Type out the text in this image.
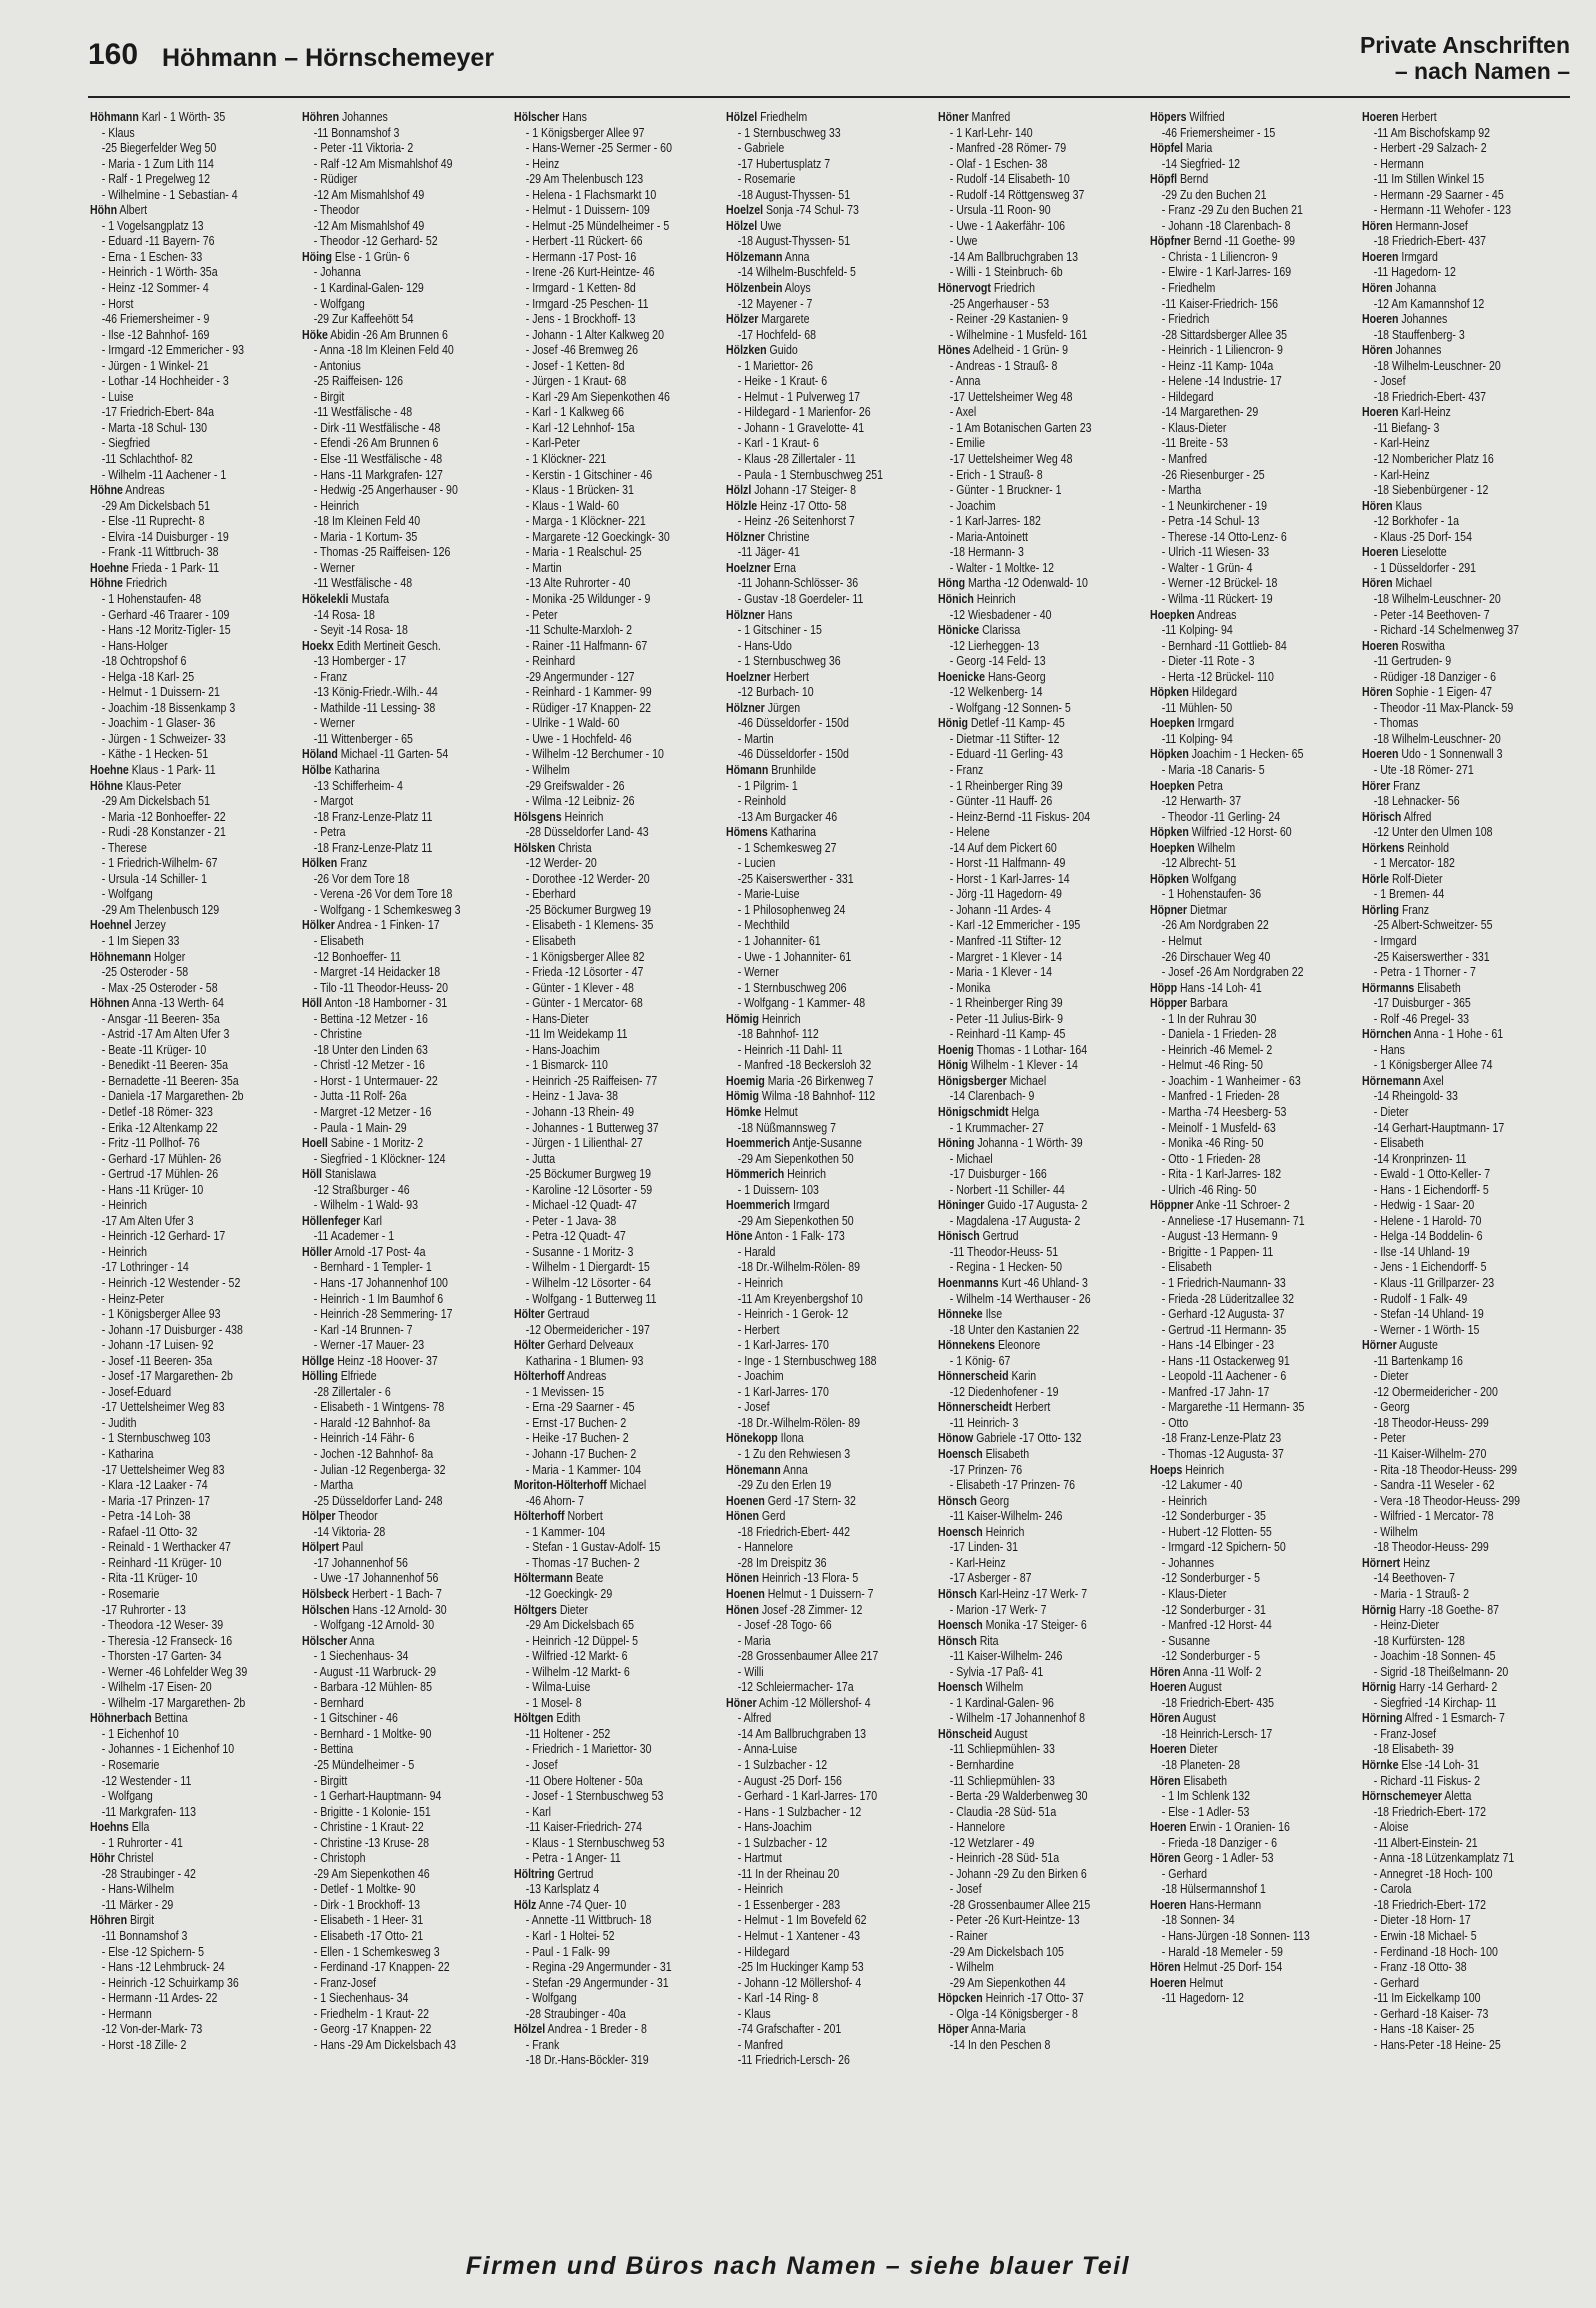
160 Höhmann – Hörnschemeyer	Private Anschriften
– nach Namen –
Höhmann Karl - 1 Wörth- 35
- Klaus
-25 Biegerfelder Weg 50
- Maria - 1 Zum Lith 114
- Ralf - 1 Pregelweg 12
- Wilhelmine - 1 Sebastian- 4
Höhn Albert
- 1 Vogelsangplatz 13
- Eduard -11 Bayern- 76
- Erna - 1 Eschen- 33
- Heinrich - 1 Wörth- 35a
- Heinz -12 Sommer- 4
- Horst
-46 Friemersheimer - 9
- Ilse -12 Bahnhof- 169
- Irmgard -12 Emmericher - 93
- Jürgen - 1 Winkel- 21
- Lothar -14 Hochheider - 3
- Luise
-17 Friedrich-Ebert- 84a
- Marta -18 Schul- 130
- Siegfried
-11 Schlachthof- 82
- Wilhelm -11 Aachener - 1
Höhne Andreas
-29 Am Dickelsbach 51
- Else -11 Ruprecht- 8
- Elvira -14 Duisburger - 19
- Frank -11 Wittbruch- 38
Hoehne Frieda - 1 Park- 11
Höhne Friedrich
- 1 Hohenstaufen- 48
- Gerhard -46 Traarer - 109
- Hans -12 Moritz-Tigler- 15
- Hans-Holger
-18 Ochtropshof 6
- Helga -18 Karl- 25
- Helmut - 1 Duissern- 21
- Joachim -18 Bissenkamp 3
- Joachim - 1 Glaser- 36
- Jürgen - 1 Schweizer- 33
- Käthe - 1 Hecken- 51
Hoehne Klaus - 1 Park- 11
Höhne Klaus-Peter
-29 Am Dickelsbach 51
- Maria -12 Bonhoeffer- 22
- Rudi -28 Konstanzer - 21
- Therese
- 1 Friedrich-Wilhelm- 67
- Ursula -14 Schiller- 1
- Wolfgang
-29 Am Thelenbusch 129
Hoehnel Jerzey
- 1 Im Siepen 33
Höhnemann Holger
-25 Osteroder - 58
- Max -25 Osteroder - 58
Höhnen Anna -13 Werth- 64
- Ansgar -11 Beeren- 35a
- Astrid -17 Am Alten Ufer 3
- Beate -11 Krüger- 10
- Benedikt -11 Beeren- 35a
- Bernadette -11 Beeren- 35a
- Daniela -17 Margarethen- 2b
- Detlef -18 Römer- 323
- Erika -12 Altenkamp 22
- Fritz -11 Pollhof- 76
- Gerhard -17 Mühlen- 26
- Gertrud -17 Mühlen- 26
- Hans -11 Krüger- 10
- Heinrich
-17 Am Alten Ufer 3
- Heinrich -12 Gerhard- 17
- Heinrich
-17 Lothringer - 14
- Heinrich -12 Westender - 52
- Heinz-Peter
- 1 Königsberger Allee 93
- Johann -17 Duisburger - 438
- Johann -17 Luisen- 92
- Josef -11 Beeren- 35a
- Josef -17 Margarethen- 2b
- Josef-Eduard
-17 Uettelsheimer Weg 83
- Judith
- 1 Sternbuschweg 103
- Katharina
-17 Uettelsheimer Weg 83
- Klara -12 Laaker - 74
- Maria -17 Prinzen- 17
- Petra -14 Loh- 38
- Rafael -11 Otto- 32
- Reinald - 1 Werthacker 47
- Reinhard -11 Krüger- 10
- Rita -11 Krüger- 10
- Rosemarie
-17 Ruhrorter - 13
- Theodora -12 Weser- 39
- Theresia -12 Franseck- 16
- Thorsten -17 Garten- 34
- Werner -46 Lohfelder Weg 39
- Wilhelm -17 Eisen- 20
- Wilhelm -17 Margarethen- 2b
Höhnerbach Bettina
- 1 Eichenhof 10
- Johannes - 1 Eichenhof 10
- Rosemarie
-12 Westender - 11
- Wolfgang
-11 Markgrafen- 113
Hoehns Ella
- 1 Ruhrorter - 41
Höhr Christel
-28 Straubinger - 42
- Hans-Wilhelm
-11 Märker - 29
Höhren Birgit
-11 Bonnamshof 3
- Else -12 Spichern- 5
- Hans -12 Lehmbruck- 24
- Heinrich -12 Schuirkamp 36
- Hermann -11 Ardes- 22
- Hermann
-12 Von-der-Mark- 73
- Horst -18 Zille- 2
Höhren Johannes
-11 Bonnamshof 3
- Peter -11 Viktoria- 2
- Ralf -12 Am Mismahlshof 49
- Rüdiger
-12 Am Mismahlshof 49
- Theodor
-12 Am Mismahlshof 49
- Theodor -12 Gerhard- 52
Höing Else - 1 Grün- 6
- Johanna
- 1 Kardinal-Galen- 129
- Wolfgang
-29 Zur Kaffeehött 54
Höke Abidin -26 Am Brunnen 6
- Anna -18 Im Kleinen Feld 40
- Antonius
-25 Raiffeisen- 126
- Birgit
-11 Westfälische - 48
- Dirk -11 Westfälische - 48
- Efendi -26 Am Brunnen 6
- Else -11 Westfälische - 48
- Hans -11 Markgrafen- 127
- Hedwig -25 Angerhauser - 90
- Heinrich
-18 Im Kleinen Feld 40
- Maria - 1 Kortum- 35
- Thomas -25 Raiffeisen- 126
- Werner
-11 Westfälische - 48
Hökelekli Mustafa
-14 Rosa- 18
- Seyit -14 Rosa- 18
Hoekx Edith Mertineit Gesch.
-13 Homberger - 17
- Franz
-13 König-Friedr.-Wilh.- 44
- Mathilde -11 Lessing- 38
- Werner
-11 Wittenberger - 65
Höland Michael -11 Garten- 54
Hölbe Katharina
-13 Schifferheim- 4
- Margot
-18 Franz-Lenze-Platz 11
- Petra
-18 Franz-Lenze-Platz 11
Hölken Franz
-26 Vor dem Tore 18
- Verena -26 Vor dem Tore 18
- Wolfgang - 1 Schemkesweg 3
Hölker Andrea - 1 Finken- 17
- Elisabeth
-12 Bonhoeffer- 11
- Margret -14 Heidacker 18
- Tilo -11 Theodor-Heuss- 20
Höll Anton -18 Hamborner - 31
- Bettina -12 Metzer - 16
- Christine
-18 Unter den Linden 63
- Christl -12 Metzer - 16
- Horst - 1 Untermauer- 22
- Jutta -11 Rolf- 26a
- Margret -12 Metzer - 16
- Paula - 1 Main- 29
Hoell Sabine - 1 Moritz- 2
- Siegfried - 1 Klöckner- 124
Höll Stanislawa
-12 Straßburger - 46
- Wilhelm - 1 Wald- 93
Höllenfeger Karl
-11 Academer - 1
Höller Arnold -17 Post- 4a
- Bernhard - 1 Templer- 1
- Hans -17 Johannenhof 100
- Heinrich - 1 Im Baumhof 6
- Heinrich -28 Semmering- 17
- Karl -14 Brunnen- 7
- Werner -17 Mauer- 23
Höllge Heinz -18 Hoover- 37
Hölling Elfriede
-28 Zillertaler - 6
- Elisabeth - 1 Wintgens- 78
- Harald -12 Bahnhof- 8a
- Heinrich -14 Fähr- 6
- Jochen -12 Bahnhof- 8a
- Julian -12 Regenberga- 32
- Martha
-25 Düsseldorfer Land- 248
Hölper Theodor
-14 Viktoria- 28
Hölpert Paul
-17 Johannenhof 56
- Uwe -17 Johannenhof 56
Hölsbeck Herbert - 1 Bach- 7
Hölschen Hans -12 Arnold- 30
- Wolfgang -12 Arnold- 30
Hölscher Anna
- 1 Siechenhaus- 34
- August -11 Warbruck- 29
- Barbara -12 Mühlen- 85
- Bernhard
- 1 Gitschiner - 46
- Bernhard - 1 Moltke- 90
- Bettina
-25 Mündelheimer - 5
- Birgitt
- 1 Gerhart-Hauptmann- 94
- Brigitte - 1 Kolonie- 151
- Christine - 1 Kraut- 22
- Christine -13 Kruse- 28
- Christoph
-29 Am Siepenkothen 46
- Detlef - 1 Moltke- 90
- Dirk - 1 Brockhoff- 13
- Elisabeth - 1 Heer- 31
- Elisabeth -17 Otto- 21
- Ellen - 1 Schemkesweg 3
- Ferdinand -17 Knappen- 22
- Franz-Josef
- 1 Siechenhaus- 34
- Friedhelm - 1 Kraut- 22
- Georg -17 Knappen- 22
- Hans -29 Am Dickelsbach 43
Hölscher Hans
- 1 Königsberger Allee 97
- Hans-Werner -25 Sermer - 60
- Heinz
-29 Am Thelenbusch 123
- Helena - 1 Flachsmarkt 10
- Helmut - 1 Duissern- 109
- Helmut -25 Mündelheimer - 5
- Herbert -11 Rückert- 66
- Hermann -17 Post- 16
- Irene -26 Kurt-Heintze- 46
- Irmgard - 1 Ketten- 8d
- Irmgard -25 Peschen- 11
- Jens - 1 Brockhoff- 13
- Johann - 1 Alter Kalkweg 20
- Josef -46 Bremweg 26
- Josef - 1 Ketten- 8d
- Jürgen - 1 Kraut- 68
- Karl -29 Am Siepenkothen 46
- Karl - 1 Kalkweg 66
- Karl -12 Lehnhof- 15a
- Karl-Peter
- 1 Klöckner- 221
- Kerstin - 1 Gitschiner - 46
- Klaus - 1 Brücken- 31
- Klaus - 1 Wald- 60
- Marga - 1 Klöckner- 221
- Margarete -12 Goeckingk- 30
- Maria - 1 Realschul- 25
- Martin
-13 Alte Ruhrorter - 40
- Monika -25 Wildunger - 9
- Peter
-11 Schulte-Marxloh- 2
- Rainer -11 Halfmann- 67
- Reinhard
-29 Angermunder - 127
- Reinhard - 1 Kammer- 99
- Rüdiger -17 Knappen- 22
- Ulrike - 1 Wald- 60
- Uwe - 1 Hochfeld- 46
- Wilhelm -12 Berchumer - 10
- Wilhelm
-29 Greifswalder - 26
- Wilma -12 Leibniz- 26
Hölsgens Heinrich
-28 Düsseldorfer Land- 43
Hölsken Christa
-12 Werder- 20
- Dorothee -12 Werder- 20
- Eberhard
-25 Böckumer Burgweg 19
- Elisabeth - 1 Klemens- 35
- Elisabeth
- 1 Königsberger Allee 82
- Frieda -12 Lösorter - 47
- Günter - 1 Klever - 48
- Günter - 1 Mercator- 68
- Hans-Dieter
-11 Im Weidekamp 11
- Hans-Joachim
- 1 Bismarck- 110
- Heinrich -25 Raiffeisen- 77
- Heinz - 1 Java- 38
- Johann -13 Rhein- 49
- Johannes - 1 Butterweg 37
- Jürgen - 1 Lilienthal- 27
- Jutta
-25 Böckumer Burgweg 19
- Karoline -12 Lösorter - 59
- Michael -12 Quadt- 47
- Peter - 1 Java- 38
- Petra -12 Quadt- 47
- Susanne - 1 Moritz- 3
- Wilhelm - 1 Diergardt- 15
- Wilhelm -12 Lösorter - 64
- Wolfgang - 1 Butterweg 11
Hölter Gertraud
-12 Obermeidericher - 197
Hölter Gerhard Delveaux
Katharina - 1 Blumen- 93
Hölterhoff Andreas
- 1 Mevissen- 15
- Erna -29 Saarner - 45
- Ernst -17 Buchen- 2
- Heike -17 Buchen- 2
- Johann -17 Buchen- 2
- Maria - 1 Kammer- 104
Moriton-Hölterhoff Michael
-46 Ahorn- 7
Hölterhoff Norbert
- 1 Kammer- 104
- Stefan - 1 Gustav-Adolf- 15
- Thomas -17 Buchen- 2
Höltermann Beate
-12 Goeckingk- 29
Höltgers Dieter
-29 Am Dickelsbach 65
- Heinrich -12 Düppel- 5
- Wilfried -12 Markt- 6
- Wilhelm -12 Markt- 6
- Wilma-Luise
- 1 Mosel- 8
Höltgen Edith
-11 Holtener - 252
- Friedrich - 1 Mariettor- 30
- Josef
-11 Obere Holtener - 50a
- Josef - 1 Sternbuschweg 53
- Karl
-11 Kaiser-Friedrich- 274
- Klaus - 1 Sternbuschweg 53
- Petra - 1 Anger- 11
Höltring Gertrud
-13 Karlsplatz 4
Hölz Anne -74 Quer- 10
- Annette -11 Wittbruch- 18
- Karl - 1 Holtei- 52
- Paul - 1 Falk- 99
- Regina -29 Angermunder - 31
- Stefan -29 Angermunder - 31
- Wolfgang
-28 Straubinger - 40a
Hölzel Andrea - 1 Breder - 8
- Frank
-18 Dr.-Hans-Böckler- 319
Hölzel Friedhelm
- 1 Sternbuschweg 33
- Gabriele
-17 Hubertusplatz 7
- Rosemarie
-18 August-Thyssen- 51
Hoelzel Sonja -74 Schul- 73
Hölzel Uwe
-18 August-Thyssen- 51
Hölzemann Anna
-14 Wilhelm-Buschfeld- 5
Hölzenbein Aloys
-12 Mayener - 7
Hölzer Margarete
-17 Hochfeld- 68
Hölzken Guido
- 1 Mariettor- 26
- Heike - 1 Kraut- 6
- Helmut - 1 Pulverweg 17
- Hildegard - 1 Marienfor- 26
- Johann - 1 Gravelotte- 41
- Karl - 1 Kraut- 6
- Klaus -28 Zillertaler - 11
- Paula - 1 Sternbuschweg 251
Hölzl Johann -17 Steiger- 8
Hölzle Heinz -17 Otto- 58
- Heinz -26 Seitenhorst 7
Hölzner Christine
-11 Jäger- 41
Hoelzner Erna
-11 Johann-Schlösser- 36
- Gustav -18 Goerdeler- 11
Hölzner Hans
- 1 Gitschiner - 15
- Hans-Udo
- 1 Sternbuschweg 36
Hoelzner Herbert
-12 Burbach- 10
Hölzner Jürgen
-46 Düsseldorfer - 150d
- Martin
-46 Düsseldorfer - 150d
Hömann Brunhilde
- 1 Pilgrim- 1
- Reinhold
-13 Am Burgacker 46
Hömens Katharina
- 1 Schemkesweg 27
- Lucien
-25 Kaiserswerther - 331
- Marie-Luise
- 1 Philosophenweg 24
- Mechthild
- 1 Johanniter- 61
- Uwe - 1 Johanniter- 61
- Werner
- 1 Sternbuschweg 206
- Wolfgang - 1 Kammer- 48
Hömig Heinrich
-18 Bahnhof- 112
- Heinrich -11 Dahl- 11
- Manfred -18 Beckersloh 32
Hoemig Maria -26 Birkenweg 7
Hömig Wilma -18 Bahnhof- 112
Hömke Helmut
-18 Nüßmannsweg 7
Hoemmerich Antje-Susanne
-29 Am Siepenkothen 50
Hömmerich Heinrich
- 1 Duissern- 103
Hoemmerich Irmgard
-29 Am Siepenkothen 50
Höne Anton - 1 Falk- 173
- Harald
-18 Dr.-Wilhelm-Rölen- 89
- Heinrich
-11 Am Kreyenbergshof 10
- Heinrich - 1 Gerok- 12
- Herbert
- 1 Karl-Jarres- 170
- Inge - 1 Sternbuschweg 188
- Joachim
- 1 Karl-Jarres- 170
- Josef
-18 Dr.-Wilhelm-Rölen- 89
Hönekopp Ilona
- 1 Zu den Rehwiesen 3
Hönemann Anna
-29 Zu den Erlen 19
Hoenen Gerd -17 Stern- 32
Hönen Gerd
-18 Friedrich-Ebert- 442
- Hannelore
-28 Im Dreispitz 36
Hönen Heinrich -13 Flora- 5
Hoenen Helmut - 1 Duissern- 7
Hönen Josef -28 Zimmer- 12
- Josef -28 Togo- 66
- Maria
-28 Grossenbaumer Allee 217
- Willi
-12 Schleiermacher- 17a
Höner Achim -12 Möllershof- 4
- Alfred
-14 Am Ballbruchgraben 13
- Anna-Luise
- 1 Sulzbacher - 12
- August -25 Dorf- 156
- Gerhard - 1 Karl-Jarres- 170
- Hans - 1 Sulzbacher - 12
- Hans-Joachim
- 1 Sulzbacher - 12
- Hartmut
-11 In der Rheinau 20
- Heinrich
- 1 Essenberger - 283
- Helmut - 1 Im Bovefeld 62
- Helmut - 1 Xantener - 43
- Hildegard
-25 Im Huckinger Kamp 53
- Johann -12 Möllershof- 4
- Karl -14 Ring- 8
- Klaus
-74 Grafschafter - 201
- Manfred
-11 Friedrich-Lersch- 26
Höner Manfred
- 1 Karl-Lehr- 140
- Manfred -28 Römer- 79
- Olaf - 1 Eschen- 38
- Rudolf -14 Elisabeth- 10
- Rudolf -14 Röttgensweg 37
- Ursula -11 Roon- 90
- Uwe - 1 Aakerfähr- 106
- Uwe
-14 Am Ballbruchgraben 13
- Willi - 1 Steinbruch- 6b
Hönervogt Friedrich
-25 Angerhauser - 53
- Reiner -29 Kastanien- 9
- Wilhelmine - 1 Musfeld- 161
Hönes Adelheid - 1 Grün- 9
- Andreas - 1 Strauß- 8
- Anna
-17 Uettelsheimer Weg 48
- Axel
- 1 Am Botanischen Garten 23
- Emilie
-17 Uettelsheimer Weg 48
- Erich - 1 Strauß- 8
- Günter - 1 Bruckner- 1
- Joachim
- 1 Karl-Jarres- 182
- Maria-Antoinett
-18 Hermann- 3
- Walter - 1 Moltke- 12
Höng Martha -12 Odenwald- 10
Hönich Heinrich
-12 Wiesbadener - 40
Hönicke Clarissa
-12 Lierheggen- 13
- Georg -14 Feld- 13
Hoenicke Hans-Georg
-12 Welkenberg- 14
- Wolfgang -12 Sonnen- 5
Hönig Detlef -11 Kamp- 45
- Dietmar -11 Stifter- 12
- Eduard -11 Gerling- 43
- Franz
- 1 Rheinberger Ring 39
- Günter -11 Hauff- 26
- Heinz-Bernd -11 Fiskus- 204
- Helene
-14 Auf dem Pickert 60
- Horst -11 Halfmann- 49
- Horst - 1 Karl-Jarres- 14
- Jörg -11 Hagedorn- 49
- Johann -11 Ardes- 4
- Karl -12 Emmericher - 195
- Manfred -11 Stifter- 12
- Margret - 1 Klever - 14
- Maria - 1 Klever - 14
- Monika
- 1 Rheinberger Ring 39
- Peter -11 Julius-Birk- 9
- Reinhard -11 Kamp- 45
Hoenig Thomas - 1 Lothar- 164
Hönig Wilhelm - 1 Klever - 14
Hönigsberger Michael
-14 Clarenbach- 9
Hönigschmidt Helga
- 1 Krummacher- 27
Höning Johanna - 1 Wörth- 39
- Michael
-17 Duisburger - 166
- Norbert -11 Schiller- 44
Höninger Guido -17 Augusta- 2
- Magdalena -17 Augusta- 2
Hönisch Gertrud
-11 Theodor-Heuss- 51
- Regina - 1 Hecken- 50
Hoenmanns Kurt -46 Uhland- 3
- Wilhelm -14 Werthauser - 26
Hönneke Ilse
-18 Unter den Kastanien 22
Hönnekens Eleonore
- 1 König- 67
Hönnerscheid Karin
-12 Diedenhofener - 19
Hönnerscheidt Herbert
-11 Heinrich- 3
Hönow Gabriele -17 Otto- 132
Hoensch Elisabeth
-17 Prinzen- 76
- Elisabeth -17 Prinzen- 76
Hönsch Georg
-11 Kaiser-Wilhelm- 246
Hoensch Heinrich
-17 Linden- 31
- Karl-Heinz
-17 Asberger - 87
Hönsch Karl-Heinz -17 Werk- 7
- Marion -17 Werk- 7
Hoensch Monika -17 Steiger- 6
Hönsch Rita
-11 Kaiser-Wilhelm- 246
- Sylvia -17 Paß- 41
Hoensch Wilhelm
- 1 Kardinal-Galen- 96
- Wilhelm -17 Johannenhof 8
Hönscheid August
-11 Schliepmühlen- 33
- Bernhardine
-11 Schliepmühlen- 33
- Berta -29 Walderbenweg 30
- Claudia -28 Süd- 51a
- Hannelore
-12 Wetzlarer - 49
- Heinrich -28 Süd- 51a
- Johann -29 Zu den Birken 6
- Josef
-28 Grossenbaumer Allee 215
- Peter -26 Kurt-Heintze- 13
- Rainer
-29 Am Dickelsbach 105
- Wilhelm
-29 Am Siepenkothen 44
Höpcken Heinrich -17 Otto- 37
- Olga -14 Königsberger - 8
Höper Anna-Maria
-14 In den Peschen 8
Höpers Wilfried
-46 Friemersheimer - 15
Höpfel Maria
-14 Siegfried- 12
Höpfl Bernd
-29 Zu den Buchen 21
- Franz -29 Zu den Buchen 21
- Johann -18 Clarenbach- 8
Höpfner Bernd -11 Goethe- 99
- Christa - 1 Liliencron- 9
- Elwire - 1 Karl-Jarres- 169
- Friedhelm
-11 Kaiser-Friedrich- 156
- Friedrich
-28 Sittardsberger Allee 35
- Heinrich - 1 Liliencron- 9
- Heinz -11 Kamp- 104a
- Helene -14 Industrie- 17
- Hildegard
-14 Margarethen- 29
- Klaus-Dieter
-11 Breite - 53
- Manfred
-26 Riesenburger - 25
- Martha
- 1 Neunkirchener - 19
- Petra -14 Schul- 13
- Therese -14 Otto-Lenz- 6
- Ulrich -11 Wiesen- 33
- Walter - 1 Grün- 4
- Werner -12 Brückel- 18
- Wilma -11 Rückert- 19
Hoepken Andreas
-11 Kolping- 94
- Bernhard -11 Gottlieb- 84
- Dieter -11 Rote - 3
- Herta -12 Brückel- 110
Höpken Hildegard
-11 Mühlen- 50
Hoepken Irmgard
-11 Kolping- 94
Höpken Joachim - 1 Hecken- 65
- Maria -18 Canaris- 5
Hoepken Petra
-12 Herwarth- 37
- Theodor -11 Gerling- 24
Höpken Wilfried -12 Horst- 60
Hoepken Wilhelm
-12 Albrecht- 51
Höpken Wolfgang
- 1 Hohenstaufen- 36
Höpner Dietmar
-26 Am Nordgraben 22
- Helmut
-26 Dirschauer Weg 40
- Josef -26 Am Nordgraben 22
Höpp Hans -14 Loh- 41
Höpper Barbara
- 1 In der Ruhrau 30
- Daniela - 1 Frieden- 28
- Heinrich -46 Memel- 2
- Helmut -46 Ring- 50
- Joachim - 1 Wanheimer - 63
- Manfred - 1 Frieden- 28
- Martha -74 Heesberg- 53
- Meinolf - 1 Musfeld- 63
- Monika -46 Ring- 50
- Otto - 1 Frieden- 28
- Rita - 1 Karl-Jarres- 182
- Ulrich -46 Ring- 50
Höppner Anke -11 Schroer- 2
- Anneliese -17 Husemann- 71
- August -13 Hermann- 9
- Brigitte - 1 Pappen- 11
- Elisabeth
- 1 Friedrich-Naumann- 33
- Frieda -28 Lüderitzallee 32
- Gerhard -12 Augusta- 37
- Gertrud -11 Hermann- 35
- Hans -14 Elbinger - 23
- Hans -11 Ostackerweg 91
- Leopold -11 Aachener - 6
- Manfred -17 Jahn- 17
- Margarethe -11 Hermann- 35
- Otto
-18 Franz-Lenze-Platz 23
- Thomas -12 Augusta- 37
Hoeps Heinrich
-12 Lakumer - 40
- Heinrich
-12 Sonderburger - 35
- Hubert -12 Flotten- 55
- Irmgard -12 Spichern- 50
- Johannes
-12 Sonderburger - 5
- Klaus-Dieter
-12 Sonderburger - 31
- Manfred -12 Horst- 44
- Susanne
-12 Sonderburger - 5
Hören Anna -11 Wolf- 2
Hoeren August
-18 Friedrich-Ebert- 435
Hören August
-18 Heinrich-Lersch- 17
Hoeren Dieter
-18 Planeten- 28
Hören Elisabeth
- 1 Im Schlenk 132
- Else - 1 Adler- 53
Hoeren Erwin - 1 Oranien- 16
- Frieda -18 Danziger - 6
Hören Georg - 1 Adler- 53
- Gerhard
-18 Hülsermannshof 1
Hoeren Hans-Hermann
-18 Sonnen- 34
- Hans-Jürgen -18 Sonnen- 113
- Harald -18 Memeler - 59
Hören Helmut -25 Dorf- 154
Hoeren Helmut
-11 Hagedorn- 12
Hoeren Herbert
-11 Am Bischofskamp 92
- Herbert -29 Salzach- 2
- Hermann
-11 Im Stillen Winkel 15
- Hermann -29 Saarner - 45
- Hermann -11 Wehofer - 123
Hören Hermann-Josef
-18 Friedrich-Ebert- 437
Hoeren Irmgard
-11 Hagedorn- 12
Hören Johanna
-12 Am Kamannshof 12
Hoeren Johannes
-18 Stauffenberg- 3
Hören Johannes
-18 Wilhelm-Leuschner- 20
- Josef
-18 Friedrich-Ebert- 437
Hoeren Karl-Heinz
-11 Biefang- 3
- Karl-Heinz
-12 Nombericher Platz 16
- Karl-Heinz
-18 Siebenbürgener - 12
Hören Klaus
-12 Borkhofer - 1a
- Klaus -25 Dorf- 154
Hoeren Lieselotte
- 1 Düsseldorfer - 291
Hören Michael
-18 Wilhelm-Leuschner- 20
- Peter -14 Beethoven- 7
- Richard -14 Schelmenweg 37
Hoeren Roswitha
-11 Gertruden- 9
- Rüdiger -18 Danziger - 6
Hören Sophie - 1 Eigen- 47
- Theodor -11 Max-Planck- 59
- Thomas
-18 Wilhelm-Leuschner- 20
Hoeren Udo - 1 Sonnenwall 3
- Ute -18 Römer- 271
Hörer Franz
-18 Lehnacker- 56
Hörisch Alfred
-12 Unter den Ulmen 108
Hörkens Reinhold
- 1 Mercator- 182
Hörle Rolf-Dieter
- 1 Bremen- 44
Hörling Franz
-25 Albert-Schweitzer- 55
- Irmgard
-25 Kaiserswerther - 331
- Petra - 1 Thorner - 7
Hörmanns Elisabeth
-17 Duisburger - 365
- Rolf -46 Pregel- 33
Hörnchen Anna - 1 Hohe - 61
- Hans
- 1 Königsberger Allee 74
Hörnemann Axel
-14 Rheingold- 33
- Dieter
-14 Gerhart-Hauptmann- 17
- Elisabeth
-14 Kronprinzen- 11
- Ewald - 1 Otto-Keller- 7
- Hans - 1 Eichendorff- 5
- Hedwig - 1 Saar- 20
- Helene - 1 Harold- 70
- Helga -14 Boddelin- 6
- Ilse -14 Uhland- 19
- Jens - 1 Eichendorff- 5
- Klaus -11 Grillparzer- 23
- Rudolf - 1 Falk- 49
- Stefan -14 Uhland- 19
- Werner - 1 Wörth- 15
Hörner Auguste
-11 Bartenkamp 16
- Dieter
-12 Obermeidericher - 200
- Georg
-18 Theodor-Heuss- 299
- Peter
-11 Kaiser-Wilhelm- 270
- Rita -18 Theodor-Heuss- 299
- Sandra -11 Weseler - 62
- Vera -18 Theodor-Heuss- 299
- Wilfried - 1 Mercator- 78
- Wilhelm
-18 Theodor-Heuss- 299
Hörnert Heinz
-14 Beethoven- 7
- Maria - 1 Strauß- 2
Hörnig Harry -18 Goethe- 87
- Heinz-Dieter
-18 Kurfürsten- 128
- Joachim -18 Sonnen- 45
- Sigrid -18 Theißelmann- 20
Hörnig Harry -14 Gerhard- 2
- Siegfried -14 Kirchap- 11
Hörning Alfred - 1 Esmarch- 7
- Franz-Josef
-18 Elisabeth- 39
Hörnke Else -14 Loh- 31
- Richard -11 Fiskus- 2
Hörnschemeyer Aletta
-18 Friedrich-Ebert- 172
- Aloise
-11 Albert-Einstein- 21
- Anna -18 Lützenkamplatz 71
- Annegret -18 Hoch- 100
- Carola
-18 Friedrich-Ebert- 172
- Dieter -18 Horn- 17
- Erwin -18 Michael- 5
- Ferdinand -18 Hoch- 100
- Franz -18 Otto- 38
- Gerhard
-11 Im Eickelkamp 100
- Gerhard -18 Kaiser- 73
- Hans -18 Kaiser- 25
- Hans-Peter -18 Heine- 25
Firmen und Büros nach Namen – siehe blauer Teil
